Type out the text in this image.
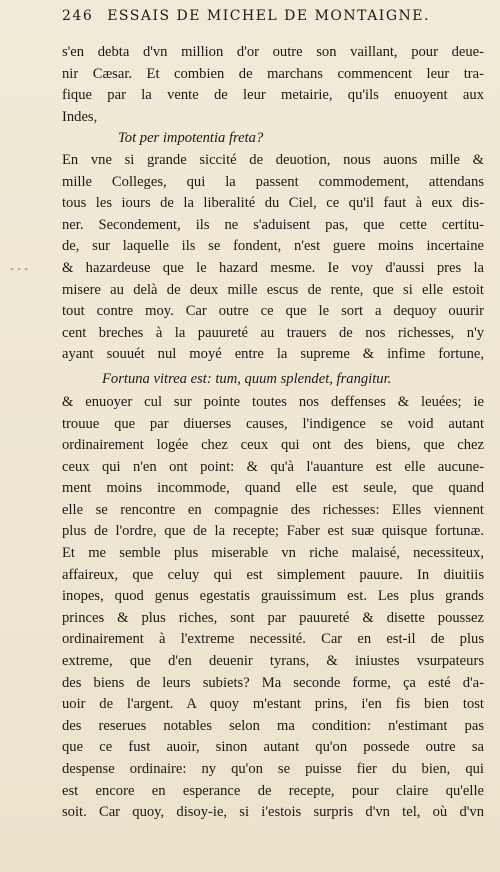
246 ESSAIS DE MICHEL DE MONTAIGNE.
- - -
s'en debta d'vn million d'or outre son vaillant, pour deue-
nir Cæsar. Et combien de marchans commencent leur tra-
fique par la vente de leur metairie, qu'ils enuoyent aux
Indes,
Tot per impotentia freta?
En vne si grande siccité de deuotion, nous auons mille &
mille Colleges, qui la passent commodement, attendans
tous les iours de la liberalité du Ciel, ce qu'il faut à eux dis-
ner. Secondement, ils ne s'aduisent pas, que cette certitu-
de, sur laquelle ils se fondent, n'est guere moins incertaine
& hazardeuse que le hazard mesme. Ie voy d'aussi pres la
misere au delà de deux mille escus de rente, que si elle estoit
tout contre moy. Car outre ce que le sort a dequoy ouurir
cent breches à la pauureté au trauers de nos richesses, n'y
ayant souuét nul moyé entre la supreme & infime fortune,
Fortuna vitrea est: tum, quum splendet, frangitur.
& enuoyer cul sur pointe toutes nos deffenses & leuées; ie
trouue que par diuerses causes, l'indigence se void autant
ordinairement logée chez ceux qui ont des biens, que chez
ceux qui n'en ont point: & qu'à l'auanture est elle aucune-
ment moins incommode, quand elle est seule, que quand
elle se rencontre en compagnie des richesses: Elles viennent
plus de l'ordre, que de la recepte; Faber est suæ quisque fortunæ.
Et me semble plus miserable vn riche malaisé, necessiteux,
affaireux, que celuy qui est simplement pauure. In diuitiis
inopes, quod genus egestatis grauissimum est. Les plus grands
princes & plus riches, sont par pauureté & disette poussez
ordinairement à l'extreme necessité. Car en est-il de plus
extreme, que d'en deuenir tyrans, & iniustes vsurpateurs
des biens de leurs subiets? Ma seconde forme, ça esté d'a-
uoir de l'argent. A quoy m'estant prins, i'en fis bien tost
des reserues notables selon ma condition: n'estimant pas
que ce fust auoir, sinon autant qu'on possede outre sa
despense ordinaire: ny qu'on se puisse fier du bien, qui
est encore en esperance de recepte, pour claire qu'elle
soit. Car quoy, disoy-ie, si i'estois surpris d'vn tel, où d'vn
